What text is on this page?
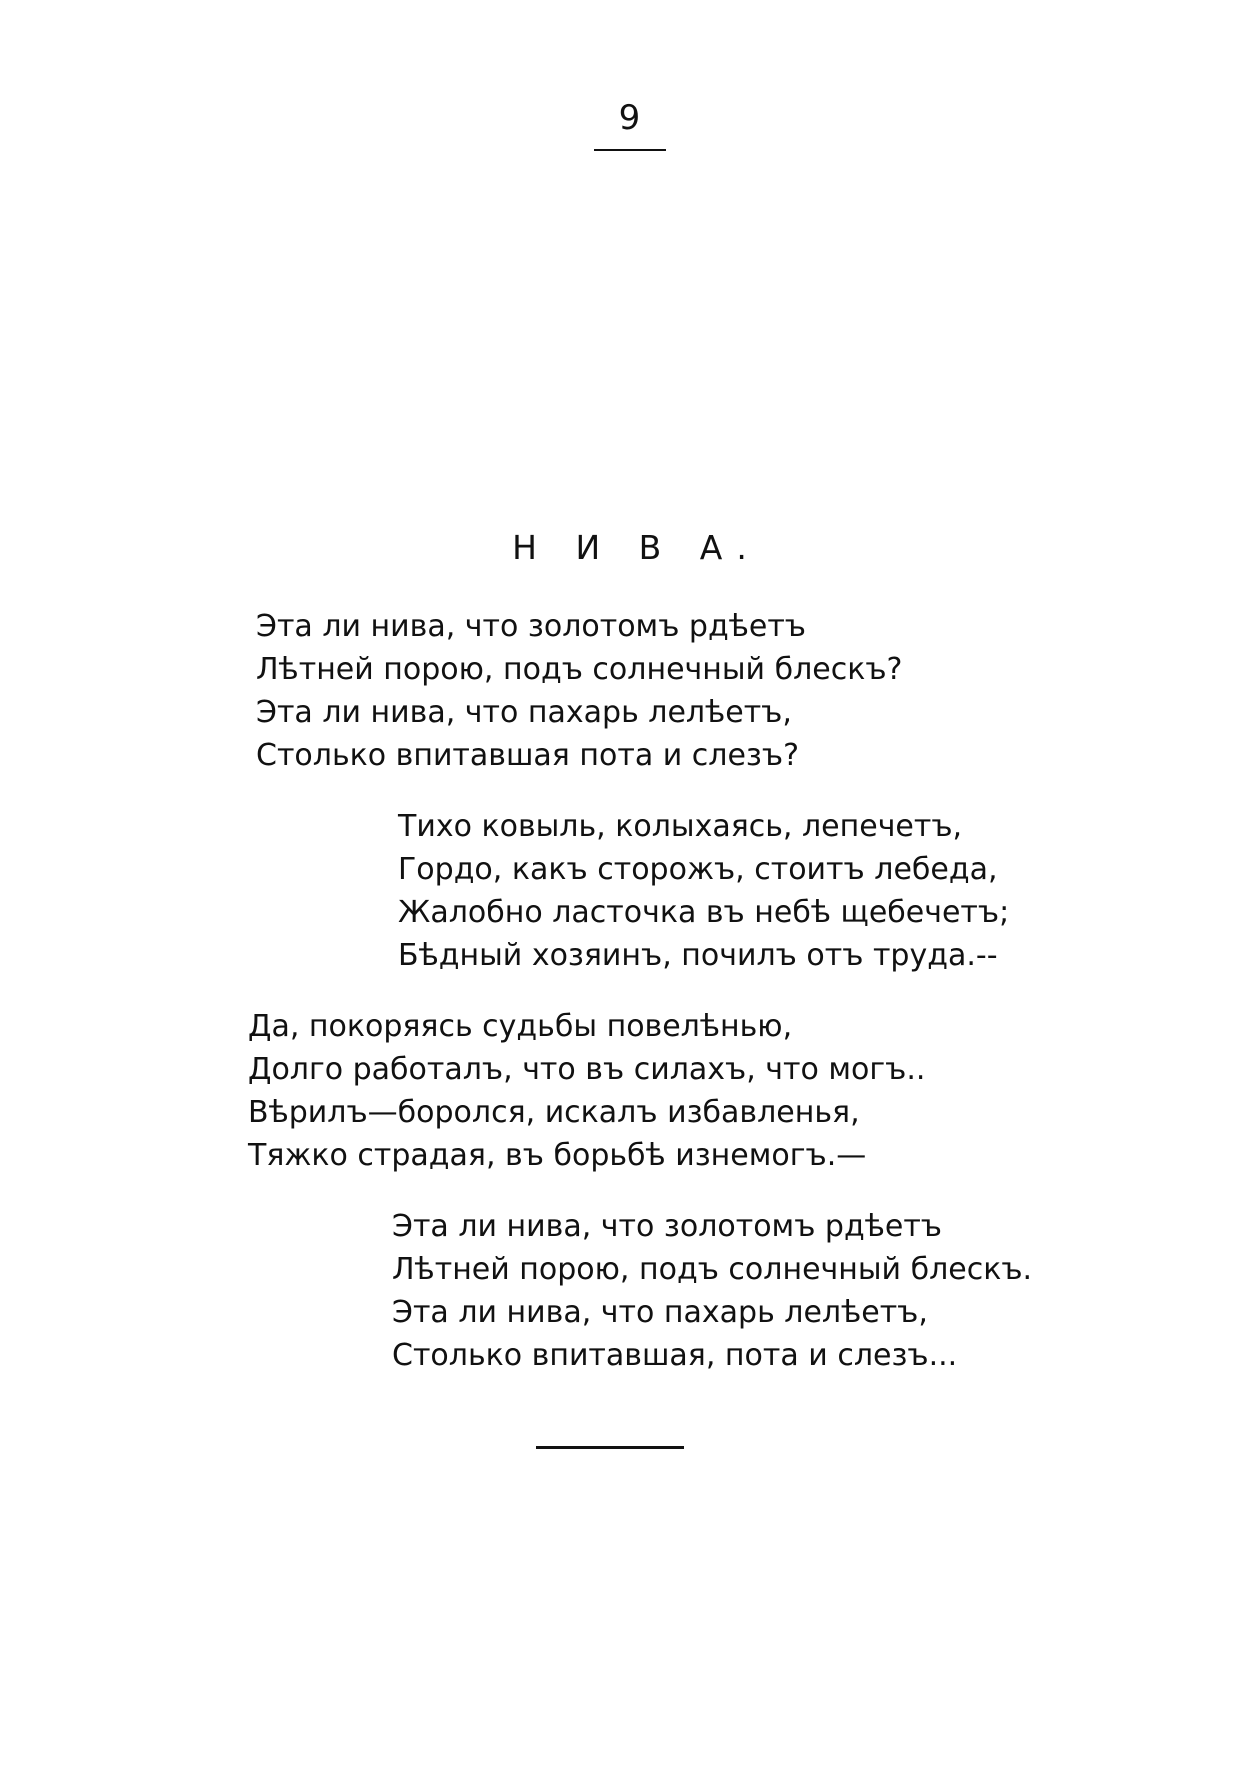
9
Н И В А.
Эта ли нива, что золотомъ рдѣетъ
Лѣтней порою, подъ солнечный блескъ?
Эта ли нива, что пахарь лелѣетъ,
Столько впитавшая пота и слезъ?
Тихо ковыль, колыхаясь, лепечетъ,
Гордо, какъ сторожъ, стоитъ лебеда,
Жалобно ласточка въ небѣ щебечетъ;
Бѣдный хозяинъ, почилъ отъ труда.--
Да, покоряясь судьбы повелѣнью,
Долго работалъ, что въ силахъ, что могъ..
Вѣрилъ—боролся, искалъ избавленья,
Тяжко страдая, въ борьбѣ изнемогъ.—
Эта ли нива, что золотомъ рдѣетъ
Лѣтней порою, подъ солнечный блескъ.
Эта ли нива, что пахарь лелѣетъ,
Столько впитавшая, пота и слезъ...
